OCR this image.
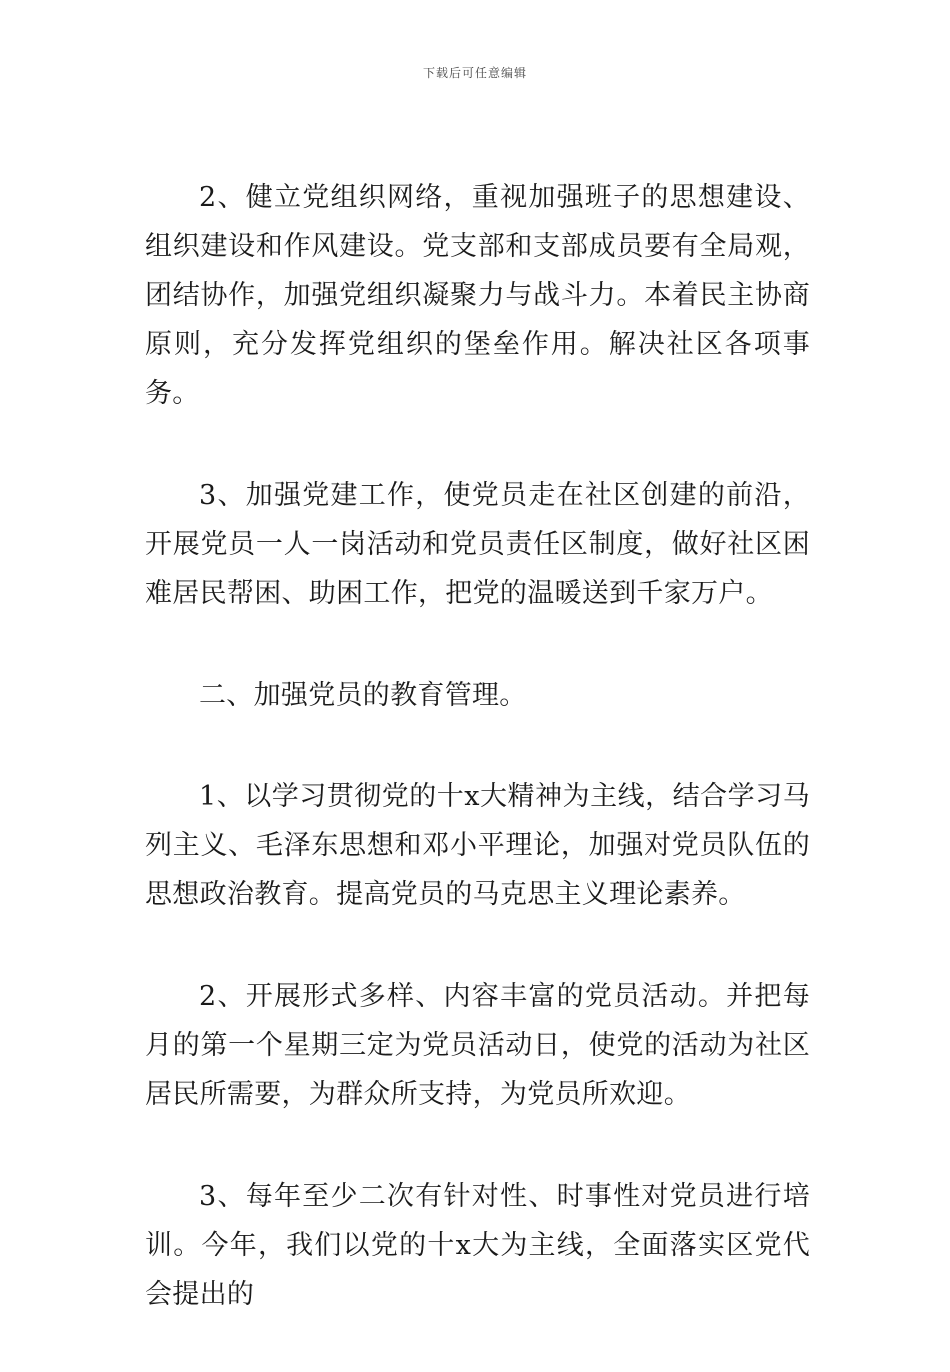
下载后可任意编辑

2、健立党组织网络，重视加强班子的思想建设、组织建设和作风建设。党支部和支部成员要有全局观，团结协作，加强党组织凝聚力与战斗力。本着民主协商原则，充分发挥党组织的堡垒作用。解决社区各项事务。

3、加强党建工作，使党员走在社区创建的前沿，开展党员一人一岗活动和党员责任区制度，做好社区困难居民帮困、助困工作，把党的温暖送到千家万户。

二、加强党员的教育管理。

1、以学习贯彻党的十x大精神为主线，结合学习马列主义、毛泽东思想和邓小平理论，加强对党员队伍的思想政治教育。提高党员的马克思主义理论素养。

2、开展形式多样、内容丰富的党员活动。并把每月的第一个星期三定为党员活动日，使党的活动为社区居民所需要，为群众所支持，为党员所欢迎。

3、每年至少二次有针对性、时事性对党员进行培训。今年，我们以党的十x大为主线，全面落实区党代会提出的
